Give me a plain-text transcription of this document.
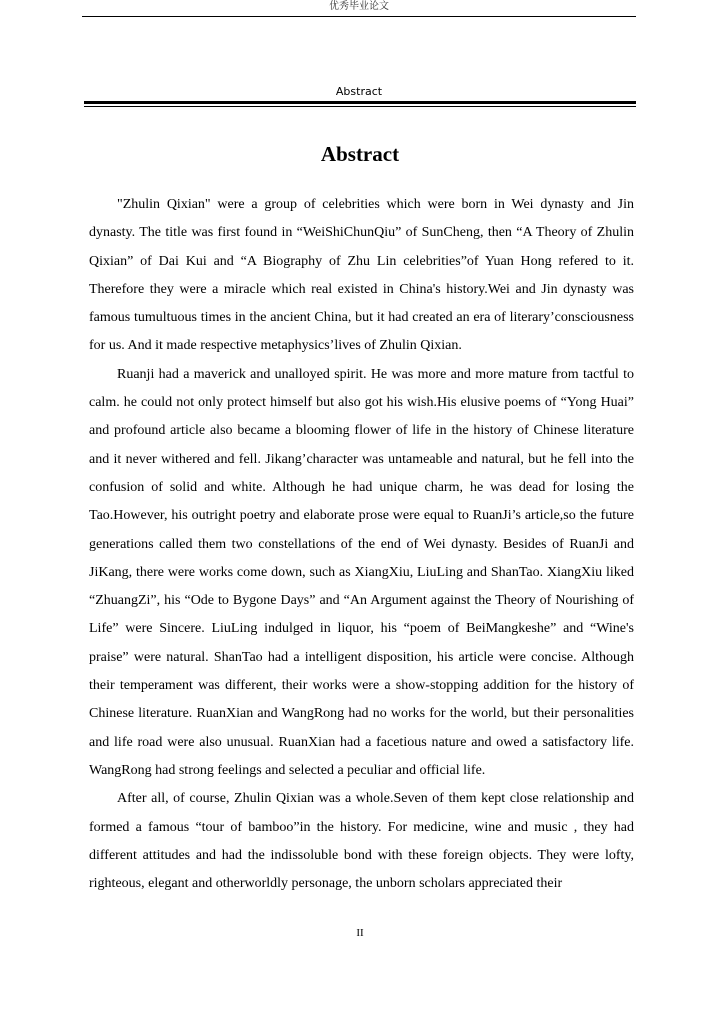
优秀毕业论文
Abstract
Abstract

"Zhulin Qixian" were a group of celebrities which were born in Wei dynasty and Jin dynasty. The title was first found in “WeiShiChunQiu” of SunCheng, then “A Theory of Zhulin Qixian” of Dai Kui and “A Biography of Zhu Lin celebrities”of Yuan Hong refered to it. Therefore they were a miracle which real existed in China's history.Wei and Jin dynasty was famous tumultuous times in the ancient China, but it had created an era of literary’consciousness for us. And it made respective metaphysics’lives of Zhulin Qixian.

Ruanji had a maverick and unalloyed spirit. He was more and more mature from tactful to calm. he could not only protect himself but also got his wish.His elusive poems of “Yong Huai” and profound article also became a blooming flower of life in the history of Chinese literature and it never withered and fell. Jikang’character was untameable and natural, but he fell into the confusion of solid and white. Although he had unique charm, he was dead for losing the Tao.However, his outright poetry and elaborate prose were equal to RuanJi’s article,so the future generations called them two constellations of the end of Wei dynasty. Besides of RuanJi and JiKang, there were works come down, such as XiangXiu, LiuLing and ShanTao. XiangXiu liked “ZhuangZi”, his “Ode to Bygone Days” and “An Argument against the Theory of Nourishing of Life” were Sincere. LiuLing indulged in liquor, his “poem of BeiMangkeshe” and “Wine's praise” were natural. ShanTao had a intelligent disposition, his article were concise. Although their temperament was different, their works were a show-stopping addition for the history of Chinese literature. RuanXian and WangRong had no works for the world, but their personalities and life road were also unusual. RuanXian had a facetious nature and owed a satisfactory life. WangRong had strong feelings and selected a peculiar and official life.

After all, of course, Zhulin Qixian was a whole.Seven of them kept close relationship and formed a famous “tour of bamboo”in the history. For medicine, wine and music , they had different attitudes and had the indissoluble bond with these foreign objects. They were lofty, righteous, elegant and otherworldly personage, the unborn scholars appreciated their

II
